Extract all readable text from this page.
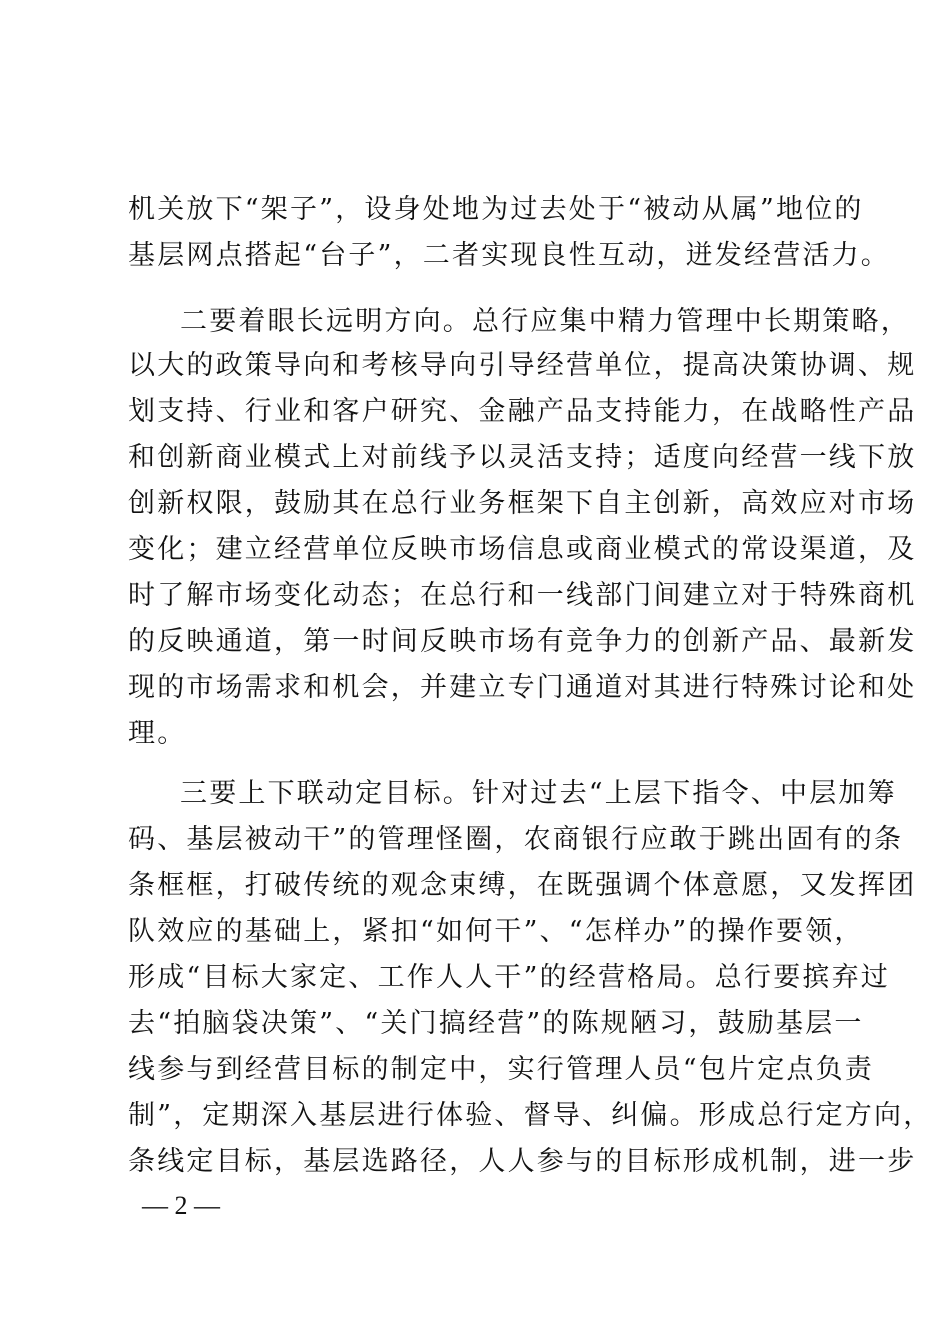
机关放下“架子”，设身处地为过去处于“被动从属”地位的
基层网点搭起“台子”，二者实现良性互动，迸发经营活力。
二要着眼长远明方向。总行应集中精力管理中长期策略，
以大的政策导向和考核导向引导经营单位，提高决策协调、规
划支持、行业和客户研究、金融产品支持能力，在战略性产品
和创新商业模式上对前线予以灵活支持；适度向经营一线下放
创新权限，鼓励其在总行业务框架下自主创新，高效应对市场
变化；建立经营单位反映市场信息或商业模式的常设渠道，及
时了解市场变化动态；在总行和一线部门间建立对于特殊商机
的反映通道，第一时间反映市场有竞争力的创新产品、最新发
现的市场需求和机会，并建立专门通道对其进行特殊讨论和处
理。
三要上下联动定目标。针对过去“上层下指令、中层加筹
码、基层被动干”的管理怪圈，农商银行应敢于跳出固有的条
条框框，打破传统的观念束缚，在既强调个体意愿，又发挥团
队效应的基础上，紧扣“如何干”、“怎样办”的操作要领，
形成“目标大家定、工作人人干”的经营格局。总行要摈弃过
去“拍脑袋决策”、“关门搞经营”的陈规陋习，鼓励基层一
线参与到经营目标的制定中，实行管理人员“包片定点负责
制”，定期深入基层进行体验、督导、纠偏。形成总行定方向，
条线定目标，基层选路径，人人参与的目标形成机制，进一步
— 2 —
